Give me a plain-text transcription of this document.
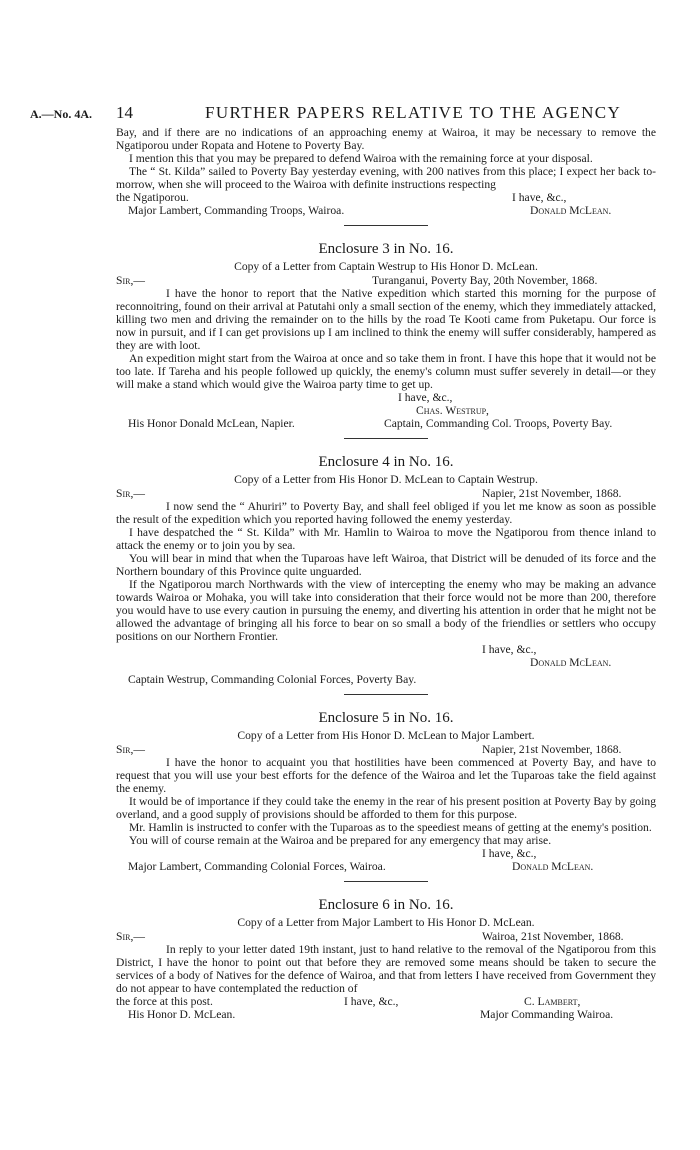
A.—No. 4A. 14	FURTHER PAPERS RELATIVE TO THE AGENCY

Bay, and if there are no indications of an approaching enemy at Wairoa, it may be necessary to remove the Ngatiporou under Ropata and Hotene to Poverty Bay.

I mention this that you may be prepared to defend Wairoa with the remaining force at your disposal.

The “ St. Kilda” sailed to Poverty Bay yesterday evening, with 200 natives from this place; I expect her back to-morrow, when she will proceed to the Wairoa with definite instructions respecting

the Ngatiporou.	I have, &c.,
Major Lambert, Commanding Troops, Wairoa.	Donald McLean.
Enclosure 3 in No. 16.
Copy of a Letter from Captain Westrup to His Honor D. McLean.
Sir,—	Turanganui, Poverty Bay, 20th November, 1868.

I have the honor to report that the Native expedition which started this morning for the purpose of reconnoitring, found on their arrival at Patutahi only a small section of the enemy, which they immediately attacked, killing two men and driving the remainder on to the hills by the road Te Kooti came from Puketapu. Our force is now in pursuit, and if I can get provisions up I am inclined to think the enemy will suffer considerably, hampered as they are with loot.

An expedition might start from the Wairoa at once and so take them in front. I have this hope that it would not be too late. If Tareha and his people followed up quickly, the enemy's column must suffer severely in detail—or they will make a stand which would give the Wairoa party time to get up.

I have, &c.,
Chas. Westrup,
His Honor Donald McLean, Napier.	Captain, Commanding Col. Troops, Poverty Bay.
Enclosure 4 in No. 16.
Copy of a Letter from His Honor D. McLean to Captain Westrup.
Sir,—	Napier, 21st November, 1868.

I now send the “ Ahuriri” to Poverty Bay, and shall feel obliged if you let me know as soon as possible the result of the expedition which you reported having followed the enemy yesterday.

I have despatched the “ St. Kilda” with Mr. Hamlin to Wairoa to move the Ngatiporou from thence inland to attack the enemy or to join you by sea.

You will bear in mind that when the Tuparoas have left Wairoa, that District will be denuded of its force and the Northern boundary of this Province quite unguarded.

If the Ngatiporou march Northwards with the view of intercepting the enemy who may be making an advance towards Wairoa or Mohaka, you will take into consideration that their force would not be more than 200, therefore you would have to use every caution in pursuing the enemy, and diverting his attention in order that he might not be allowed the advantage of bringing all his force to bear on so small a body of the friendlies or settlers who occupy positions on our Northern Frontier.

I have, &c.,
Donald McLean.
Captain Westrup, Commanding Colonial Forces, Poverty Bay.
Enclosure 5 in No. 16.
Copy of a Letter from His Honor D. McLean to Major Lambert.
Sir,—	Napier, 21st November, 1868.

I have the honor to acquaint you that hostilities have been commenced at Poverty Bay, and have to request that you will use your best efforts for the defence of the Wairoa and let the Tuparoas take the field against the enemy.

It would be of importance if they could take the enemy in the rear of his present position at Poverty Bay by going overland, and a good supply of provisions should be afforded to them for this purpose.

Mr. Hamlin is instructed to confer with the Tuparoas as to the speediest means of getting at the enemy's position.

You will of course remain at the Wairoa and be prepared for any emergency that may arise.

I have, &c.,
Major Lambert, Commanding Colonial Forces, Wairoa.	Donald McLean.
Enclosure 6 in No. 16.
Copy of a Letter from Major Lambert to His Honor D. McLean.
Sir,—	Wairoa, 21st November, 1868.

In reply to your letter dated 19th instant, just to hand relative to the removal of the Ngatiporou from this District, I have the honor to point out that before they are removed some means should be taken to secure the services of a body of Natives for the defence of Wairoa, and that from letters I have received from Government they do not appear to have contemplated the reduction of

the force at this post.	I have, &c.,	C. Lambert,
His Honor D. McLean.	Major Commanding Wairoa.
